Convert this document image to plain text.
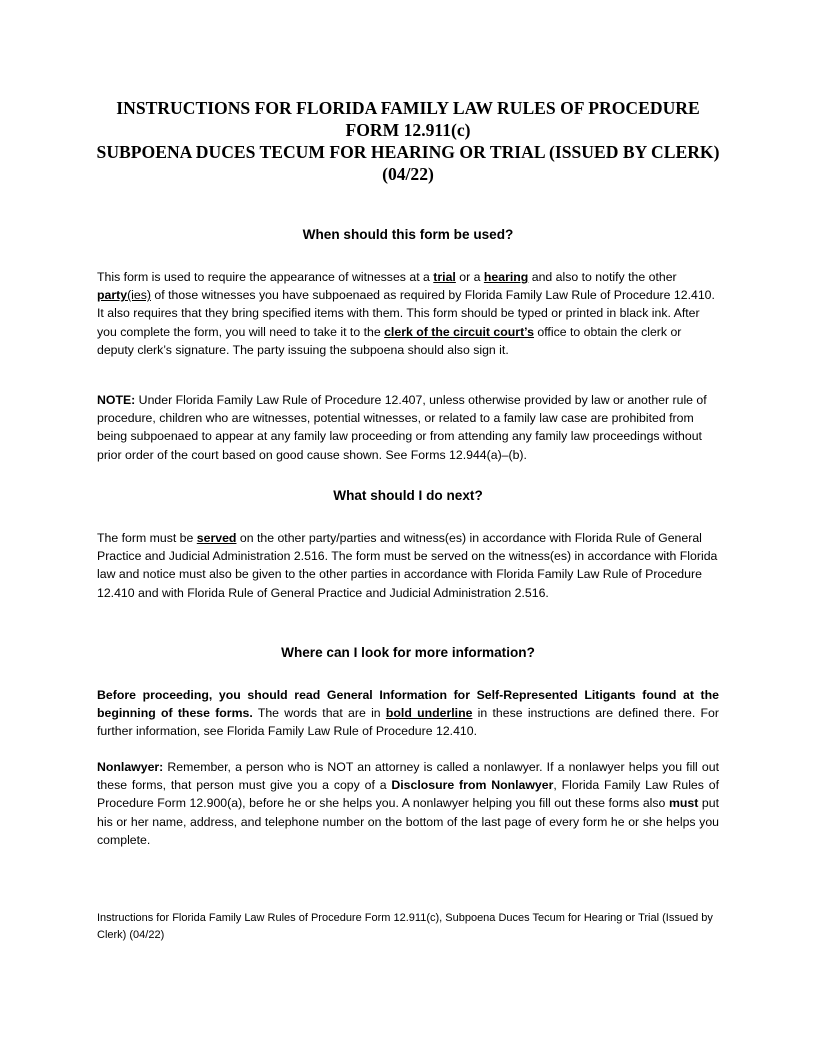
INSTRUCTIONS FOR FLORIDA FAMILY LAW RULES OF PROCEDURE
FORM 12.911(c)
SUBPOENA DUCES TECUM FOR HEARING OR TRIAL (ISSUED BY CLERK)
(04/22)
When should this form be used?
This form is used to require the appearance of witnesses at a trial or a hearing and also to notify the other party(ies) of those witnesses you have subpoenaed as required by Florida Family Law Rule of Procedure 12.410. It also requires that they bring specified items with them. This form should be typed or printed in black ink. After you complete the form, you will need to take it to the clerk of the circuit court’s office to obtain the clerk or deputy clerk’s signature. The party issuing the subpoena should also sign it.
NOTE: Under Florida Family Law Rule of Procedure 12.407, unless otherwise provided by law or another rule of procedure, children who are witnesses, potential witnesses, or related to a family law case are prohibited from being subpoenaed to appear at any family law proceeding or from attending any family law proceedings without prior order of the court based on good cause shown. See Forms 12.944(a)–(b).
What should I do next?
The form must be served on the other party/parties and witness(es) in accordance with Florida Rule of General Practice and Judicial Administration 2.516. The form must be served on the witness(es) in accordance with Florida law and notice must also be given to the other parties in accordance with Florida Family Law Rule of Procedure 12.410 and with Florida Rule of General Practice and Judicial Administration 2.516.
Where can I look for more information?
Before proceeding, you should read General Information for Self-Represented Litigants found at the beginning of these forms. The words that are in bold underline in these instructions are defined there. For further information, see Florida Family Law Rule of Procedure 12.410.
Nonlawyer: Remember, a person who is NOT an attorney is called a nonlawyer. If a nonlawyer helps you fill out these forms, that person must give you a copy of a Disclosure from Nonlawyer, Florida Family Law Rules of Procedure Form 12.900(a), before he or she helps you. A nonlawyer helping you fill out these forms also must put his or her name, address, and telephone number on the bottom of the last page of every form he or she helps you complete.
Instructions for Florida Family Law Rules of Procedure Form 12.911(c), Subpoena Duces Tecum for Hearing or Trial (Issued by Clerk) (04/22)
